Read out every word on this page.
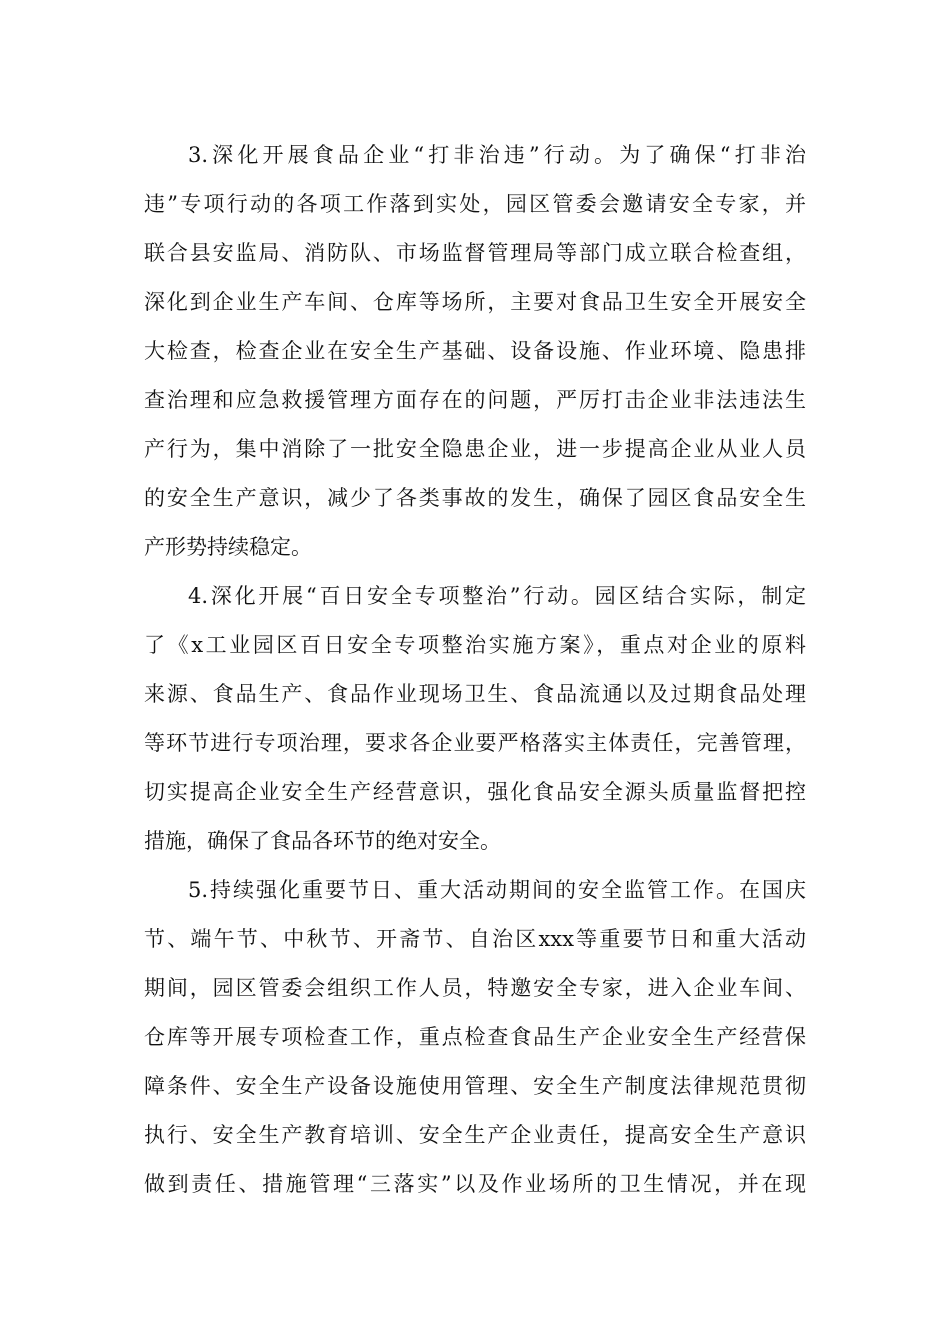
3.深化开展食品企业“打非治违”行动。为了确保“打非治
违”专项行动的各项工作落到实处，园区管委会邀请安全专家，并
联合县安监局、消防队、市场监督管理局等部门成立联合检查组，
深化到企业生产车间、仓库等场所，主要对食品卫生安全开展安全
大检查，检查企业在安全生产基础、设备设施、作业环境、隐患排
查治理和应急救援管理方面存在的问题，严厉打击企业非法违法生
产行为，集中消除了一批安全隐患企业，进一步提高企业从业人员
的安全生产意识，减少了各类事故的发生，确保了园区食品安全生
产形势持续稳定。
4.深化开展“百日安全专项整治”行动。园区结合实际，制定
了《x工业园区百日安全专项整治实施方案》，重点对企业的原料
来源、食品生产、食品作业现场卫生、食品流通以及过期食品处理
等环节进行专项治理，要求各企业要严格落实主体责任，完善管理，
切实提高企业安全生产经营意识，强化食品安全源头质量监督把控
措施，确保了食品各环节的绝对安全。
5.持续强化重要节日、重大活动期间的安全监管工作。在国庆
节、端午节、中秋节、开斋节、自治区xxx等重要节日和重大活动
期间，园区管委会组织工作人员，特邀安全专家，进入企业车间、
仓库等开展专项检查工作，重点检查食品生产企业安全生产经营保
障条件、安全生产设备设施使用管理、安全生产制度法律规范贯彻
执行、安全生产教育培训、安全生产企业责任，提高安全生产意识
做到责任、措施管理“三落实”以及作业场所的卫生情况，并在现
